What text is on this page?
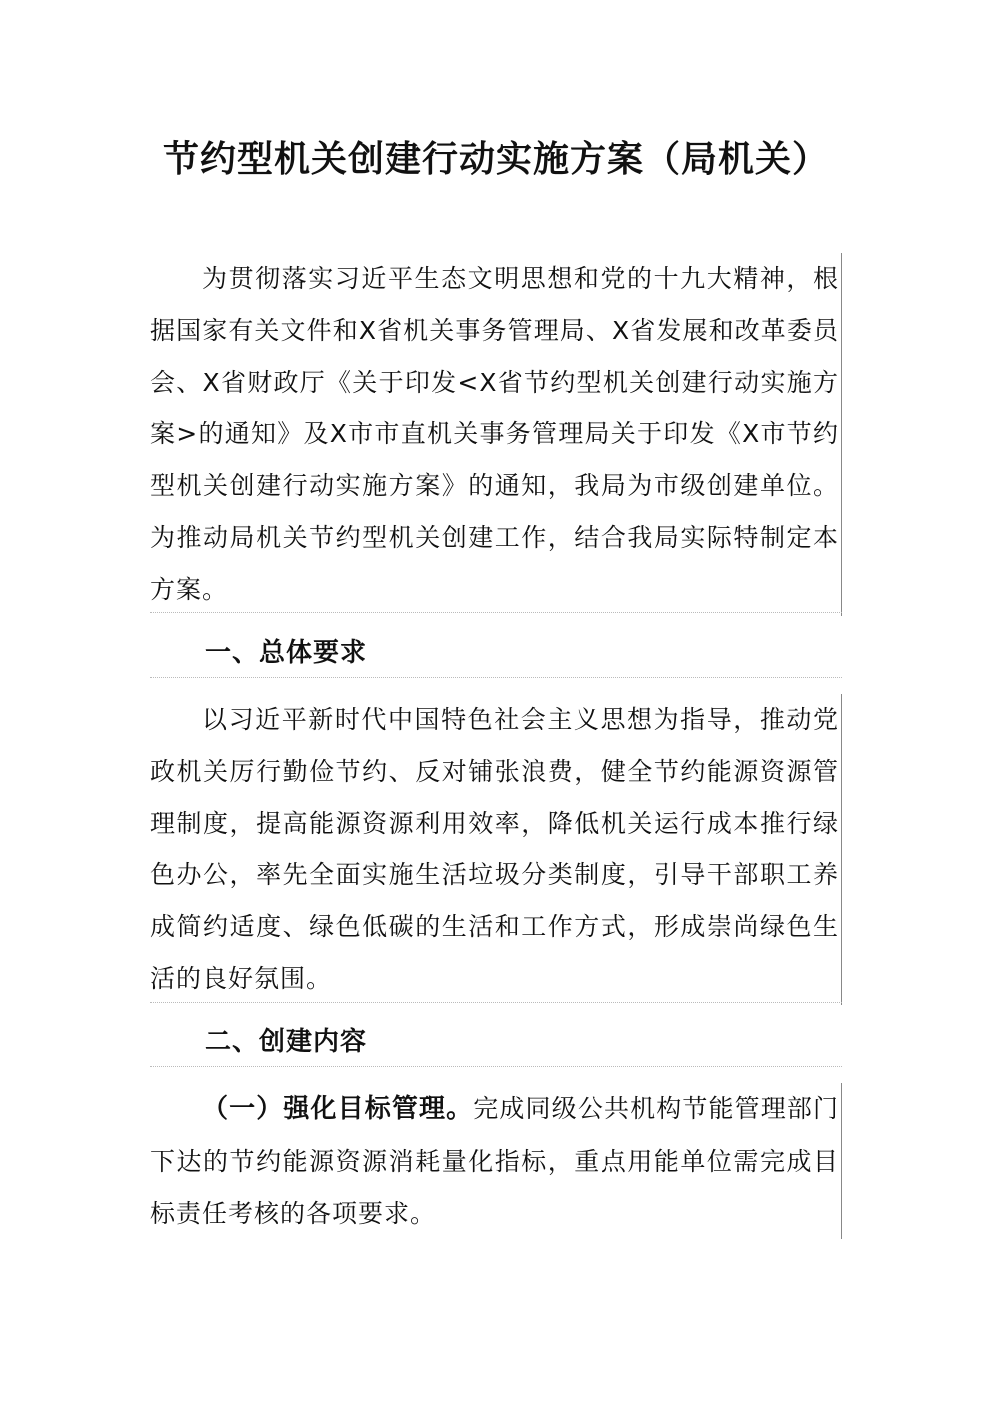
节约型机关创建行动实施方案（局机关）

为贯彻落实习近平生态文明思想和党的十九大精神，根据国家有关文件和X省机关事务管理局、X省发展和改革委员会、X省财政厅《关于印发<X省节约型机关创建行动实施方案>的通知》及X市市直机关事务管理局关于印发《X市节约型机关创建行动实施方案》的通知，我局为市级创建单位。为推动局机关节约型机关创建工作，结合我局实际特制定本方案。

一、总体要求

以习近平新时代中国特色社会主义思想为指导，推动党政机关厉行勤俭节约、反对铺张浪费，健全节约能源资源管理制度，提高能源资源利用效率，降低机关运行成本推行绿色办公，率先全面实施生活垃圾分类制度，引导干部职工养成简约适度、绿色低碳的生活和工作方式，形成崇尚绿色生活的良好氛围。

二、创建内容

（一）强化目标管理。完成同级公共机构节能管理部门下达的节约能源资源消耗量化指标，重点用能单位需完成目标责任考核的各项要求。
